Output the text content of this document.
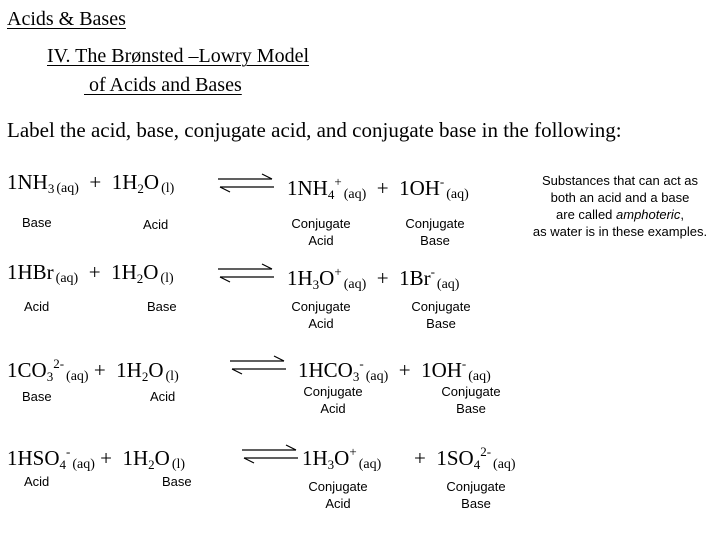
Acids & Bases
IV. The Brønsted –Lowry Model
of Acids and Bases
Label the acid, base, conjugate acid, and conjugate base in the following:
Substances that can act as
both an acid and a base
are called amphoteric,
as water is in these examples.
$1NH_3$ $(aq) + 1H_2O$ (l)	⇌ $1NH_4^+(aq) + 1OH^-(aq)$
Base	Acid	Conjugate
Acid
Conjugate
Base
1HBr $(aq) + 1H_2O$ (l)	⇌ $1H_3O^+(aq) + 1Br^-(aq)$
Acid	Base	Conjugate
Acid
Conjugate
Base
$1CO_3^{2-}(aq) + 1H_2O$ (l) ⇌ $1HCO_3^-(aq) + 1OH^-(aq)$
Base	Acid	Conjugate
Acid
Conjugate
Base
$1HSO_4^-(aq) + 1H_2O$ (l)	⇌ $1H_3O^+(aq) + 1SO_4^{2-}(aq)$
Acid	Base	Conjugate
Acid
Conjugate
Base
